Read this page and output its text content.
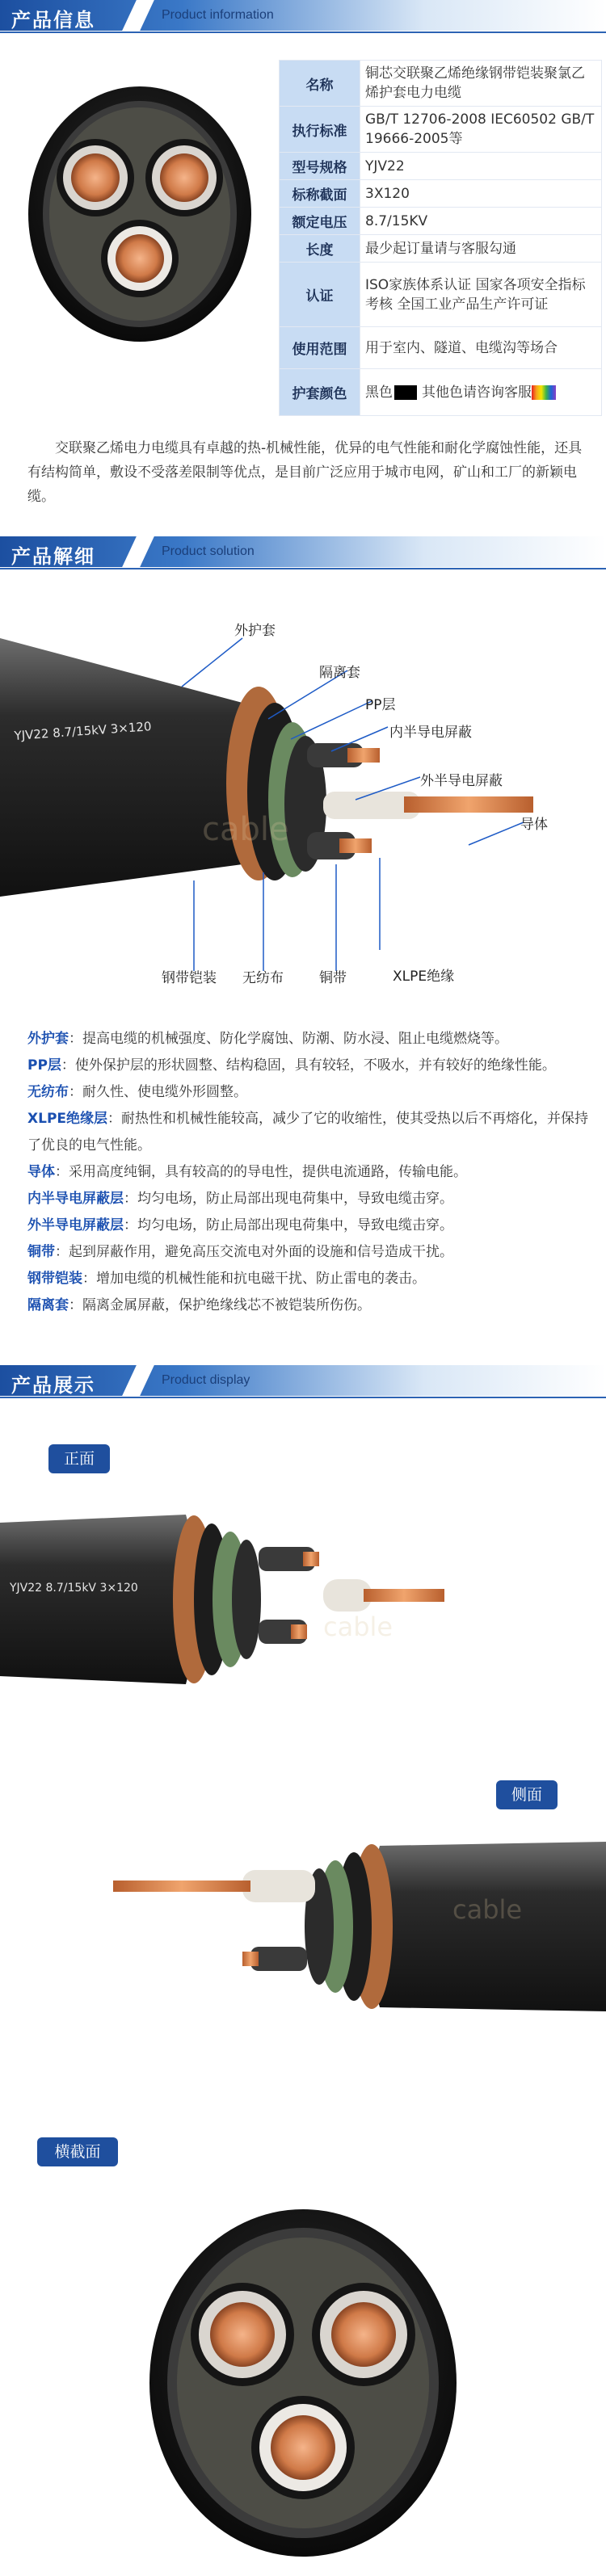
产品信息	Product information
名称	铜芯交联聚乙烯绝缘钢带铠装聚氯乙烯护套电力电缆
执行标准	GB/T 12706-2008 IEC60502 GB/T 19666-2005等
型号规格	YJV22
标称截面	3X120
额定电压	8.7/15KV
长度	最少起订量请与客服勾通
认证	ISO家族体系认证 国家各项安全指标考核 全国工业产品生产许可证
使用范围	用于室内、隧道、电缆沟等场合
护套颜色	黑色 其他色请咨询客服
交联聚乙烯电力电缆具有卓越的热-机械性能，优异的电气性能和耐化学腐蚀性能，还具有结构简单，敷设不受落差限制等优点，是目前广泛应用于城市电网，矿山和工厂的新颖电缆。
产品解细	Product solution
YJV22 8.7/15kV 3×120
cable
外护套
隔离套
PP层
内半导电屏蔽
外半导电屏蔽
导体
钢带铠装 无纺布	铜带	XLPE绝缘
外护套：提高电缆的机械强度、防化学腐蚀、防潮、防水浸、阻止电缆燃烧等。
PP层：使外保护层的形状圆整、结构稳固，具有较轻，不吸水，并有较好的绝缘性能。
无纺布：耐久性、使电缆外形圆整。
XLPE绝缘层：耐热性和机械性能较高，减少了它的收缩性，使其受热以后不再熔化，并保持了优良的电气性能。
导体：采用高度纯铜，具有较高的的导电性，提供电流通路，传输电能。
内半导电屏蔽层：均匀电场，防止局部出现电荷集中，导致电缆击穿。
外半导电屏蔽层：均匀电场，防止局部出现电荷集中，导致电缆击穿。
铜带：起到屏蔽作用，避免高压交流电对外面的设施和信号造成干扰。
钢带铠装：增加电缆的机械性能和抗电磁干扰、防止雷电的袭击。
隔离套：隔离金属屏蔽，保护绝缘线芯不被铠装所伤伤。
产品展示	Product display
正面
YJV22 8.7/15kV 3×120
cable
侧面
cable
横截面
